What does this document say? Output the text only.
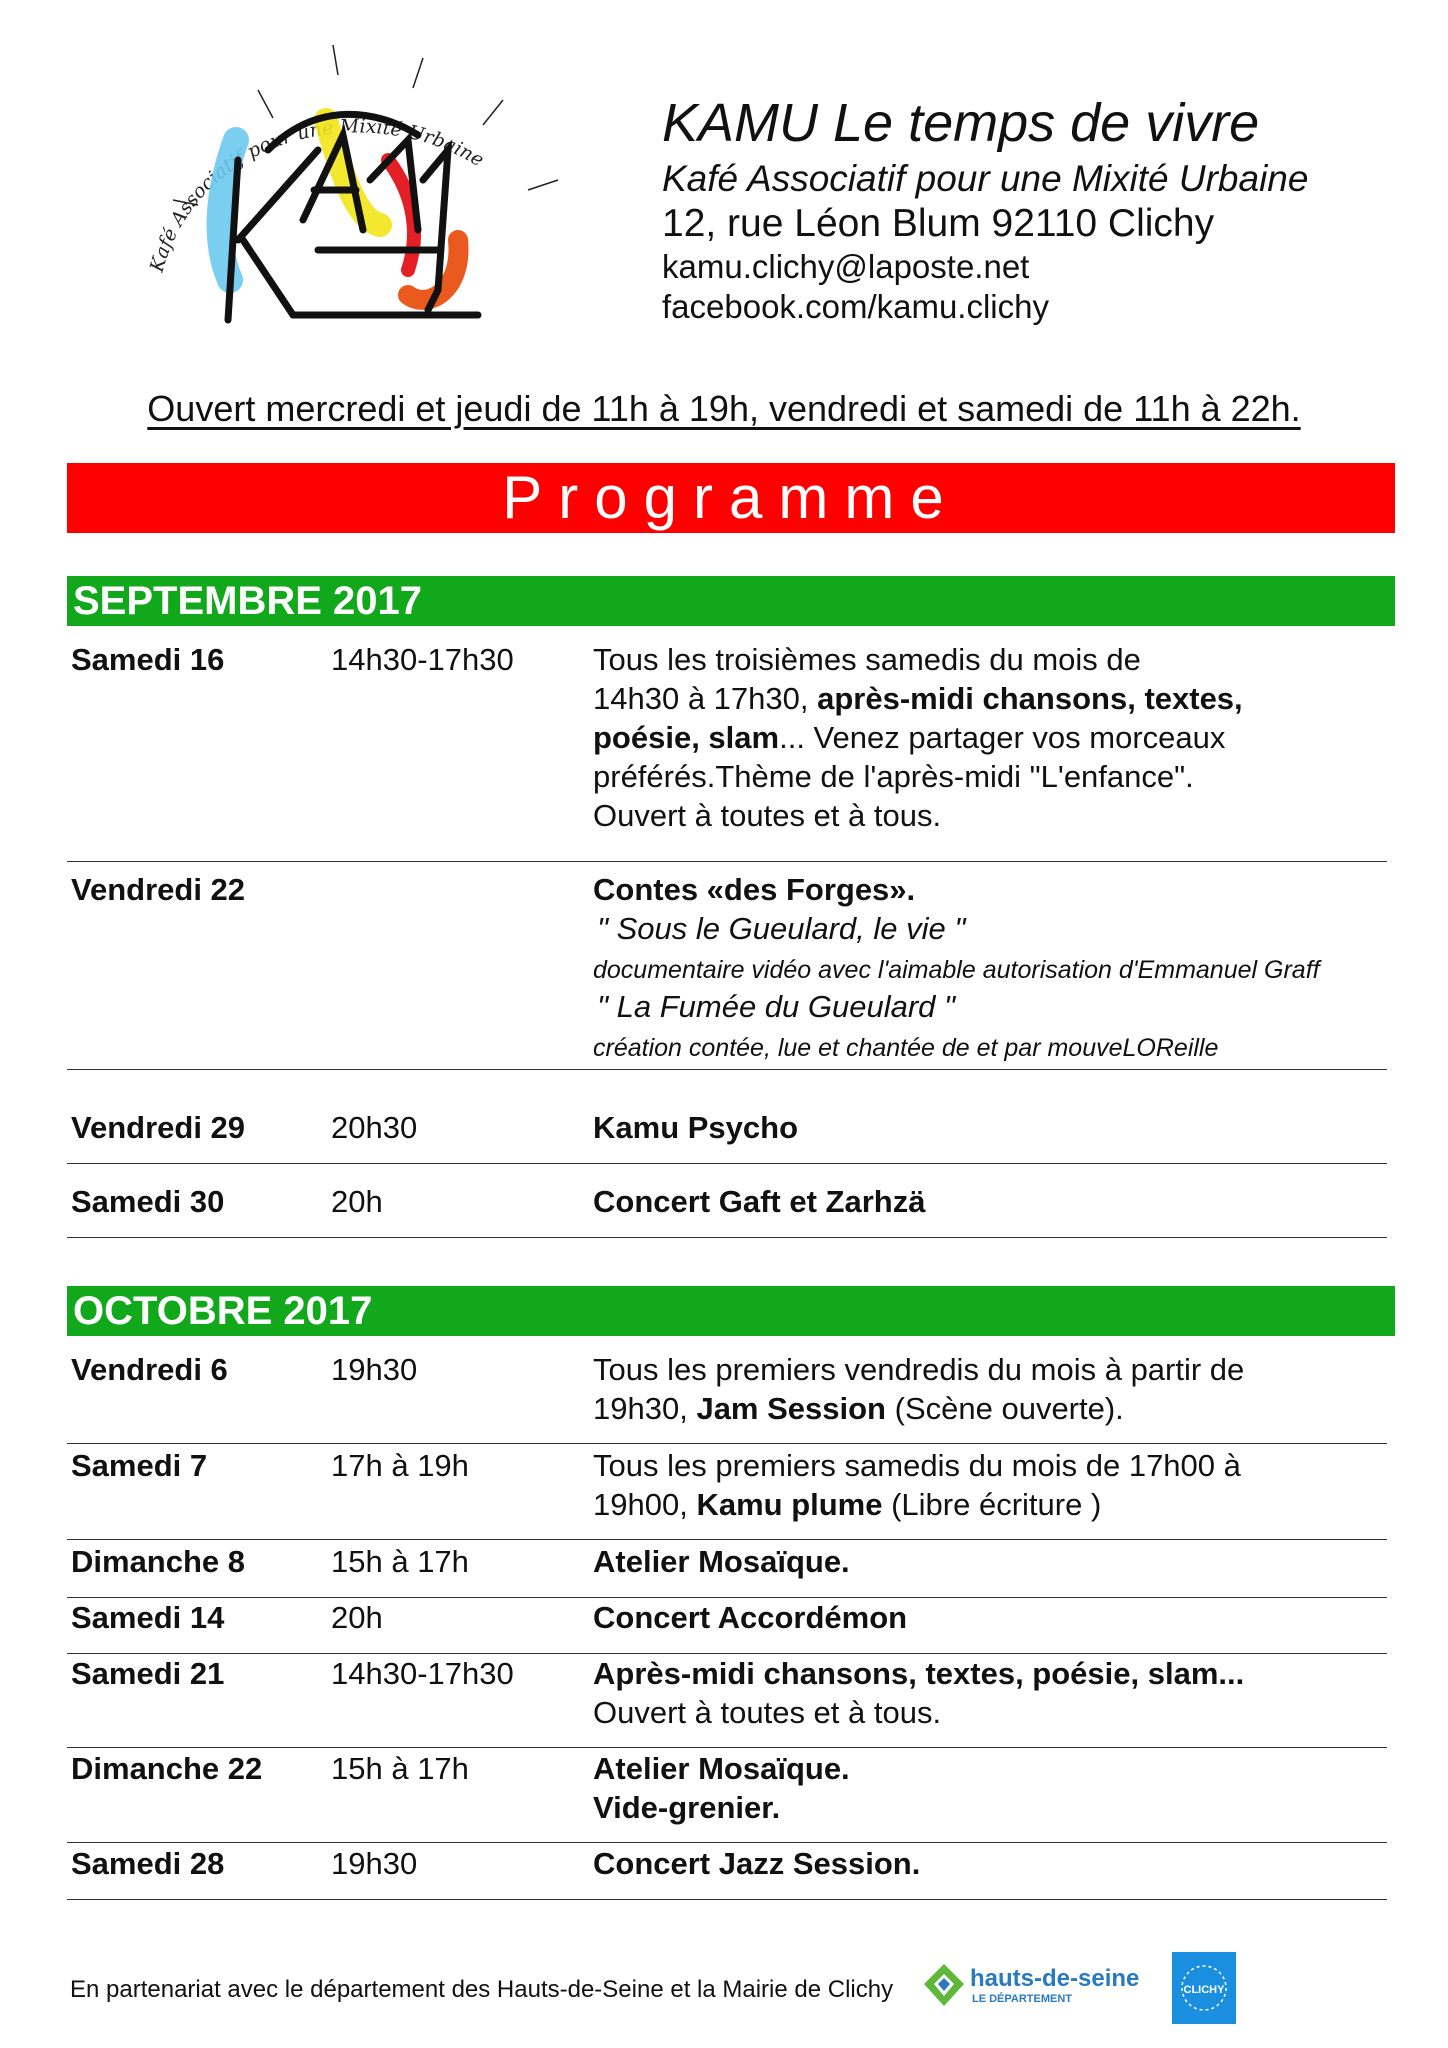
Kafé Associatif pour une Mixité Urbaine
KAMU Le temps de vivre
Kafé Associatif pour une Mixité Urbaine
12, rue Léon Blum 92110 Clichy
kamu.clichy@laposte.net
facebook.com/kamu.clichy
Ouvert mercredi et jeudi de 11h à 19h, vendredi et samedi de 11h à 22h.
Programme
SEPTEMBRE 2017
Samedi 16	14h30-17h30	Tous les troisièmes samedis du mois de
14h30 à 17h30, après-midi chansons, textes,
poésie, slam... Venez partager vos morceaux
préférés.Thème de l'après-midi "L'enfance".
Ouvert à toutes et à tous.
Vendredi 22	Contes «des Forges».
" Sous le Gueulard, le vie "
documentaire vidéo avec l'aimable autorisation d'Emmanuel Graff
" La Fumée du Gueulard "
création contée, lue et chantée de et par mouveLOReille
Vendredi 29	20h30	Kamu Psycho
Samedi 30	20h	Concert Gaft et Zarhzä
OCTOBRE 2017
Vendredi 6	19h30	Tous les premiers vendredis du mois à partir de
19h30, Jam Session (Scène ouverte).
Samedi 7	17h à 19h	Tous les premiers samedis du mois de 17h00 à
19h00, Kamu plume (Libre écriture )
Dimanche 8	15h à 17h	Atelier Mosaïque.
Samedi 14	20h	Concert Accordémon
Samedi 21	14h30-17h30	Après-midi chansons, textes, poésie, slam...
Ouvert à toutes et à tous.
Dimanche 22 15h à 17h	Atelier Mosaïque.
Vide-grenier.
Samedi 28	19h30	Concert Jazz Session.
En partenariat avec le département des Hauts-de-Seine et la Mairie de Clichy	hauts-de-seine
LE DÉPARTEMENT
CLICHY
